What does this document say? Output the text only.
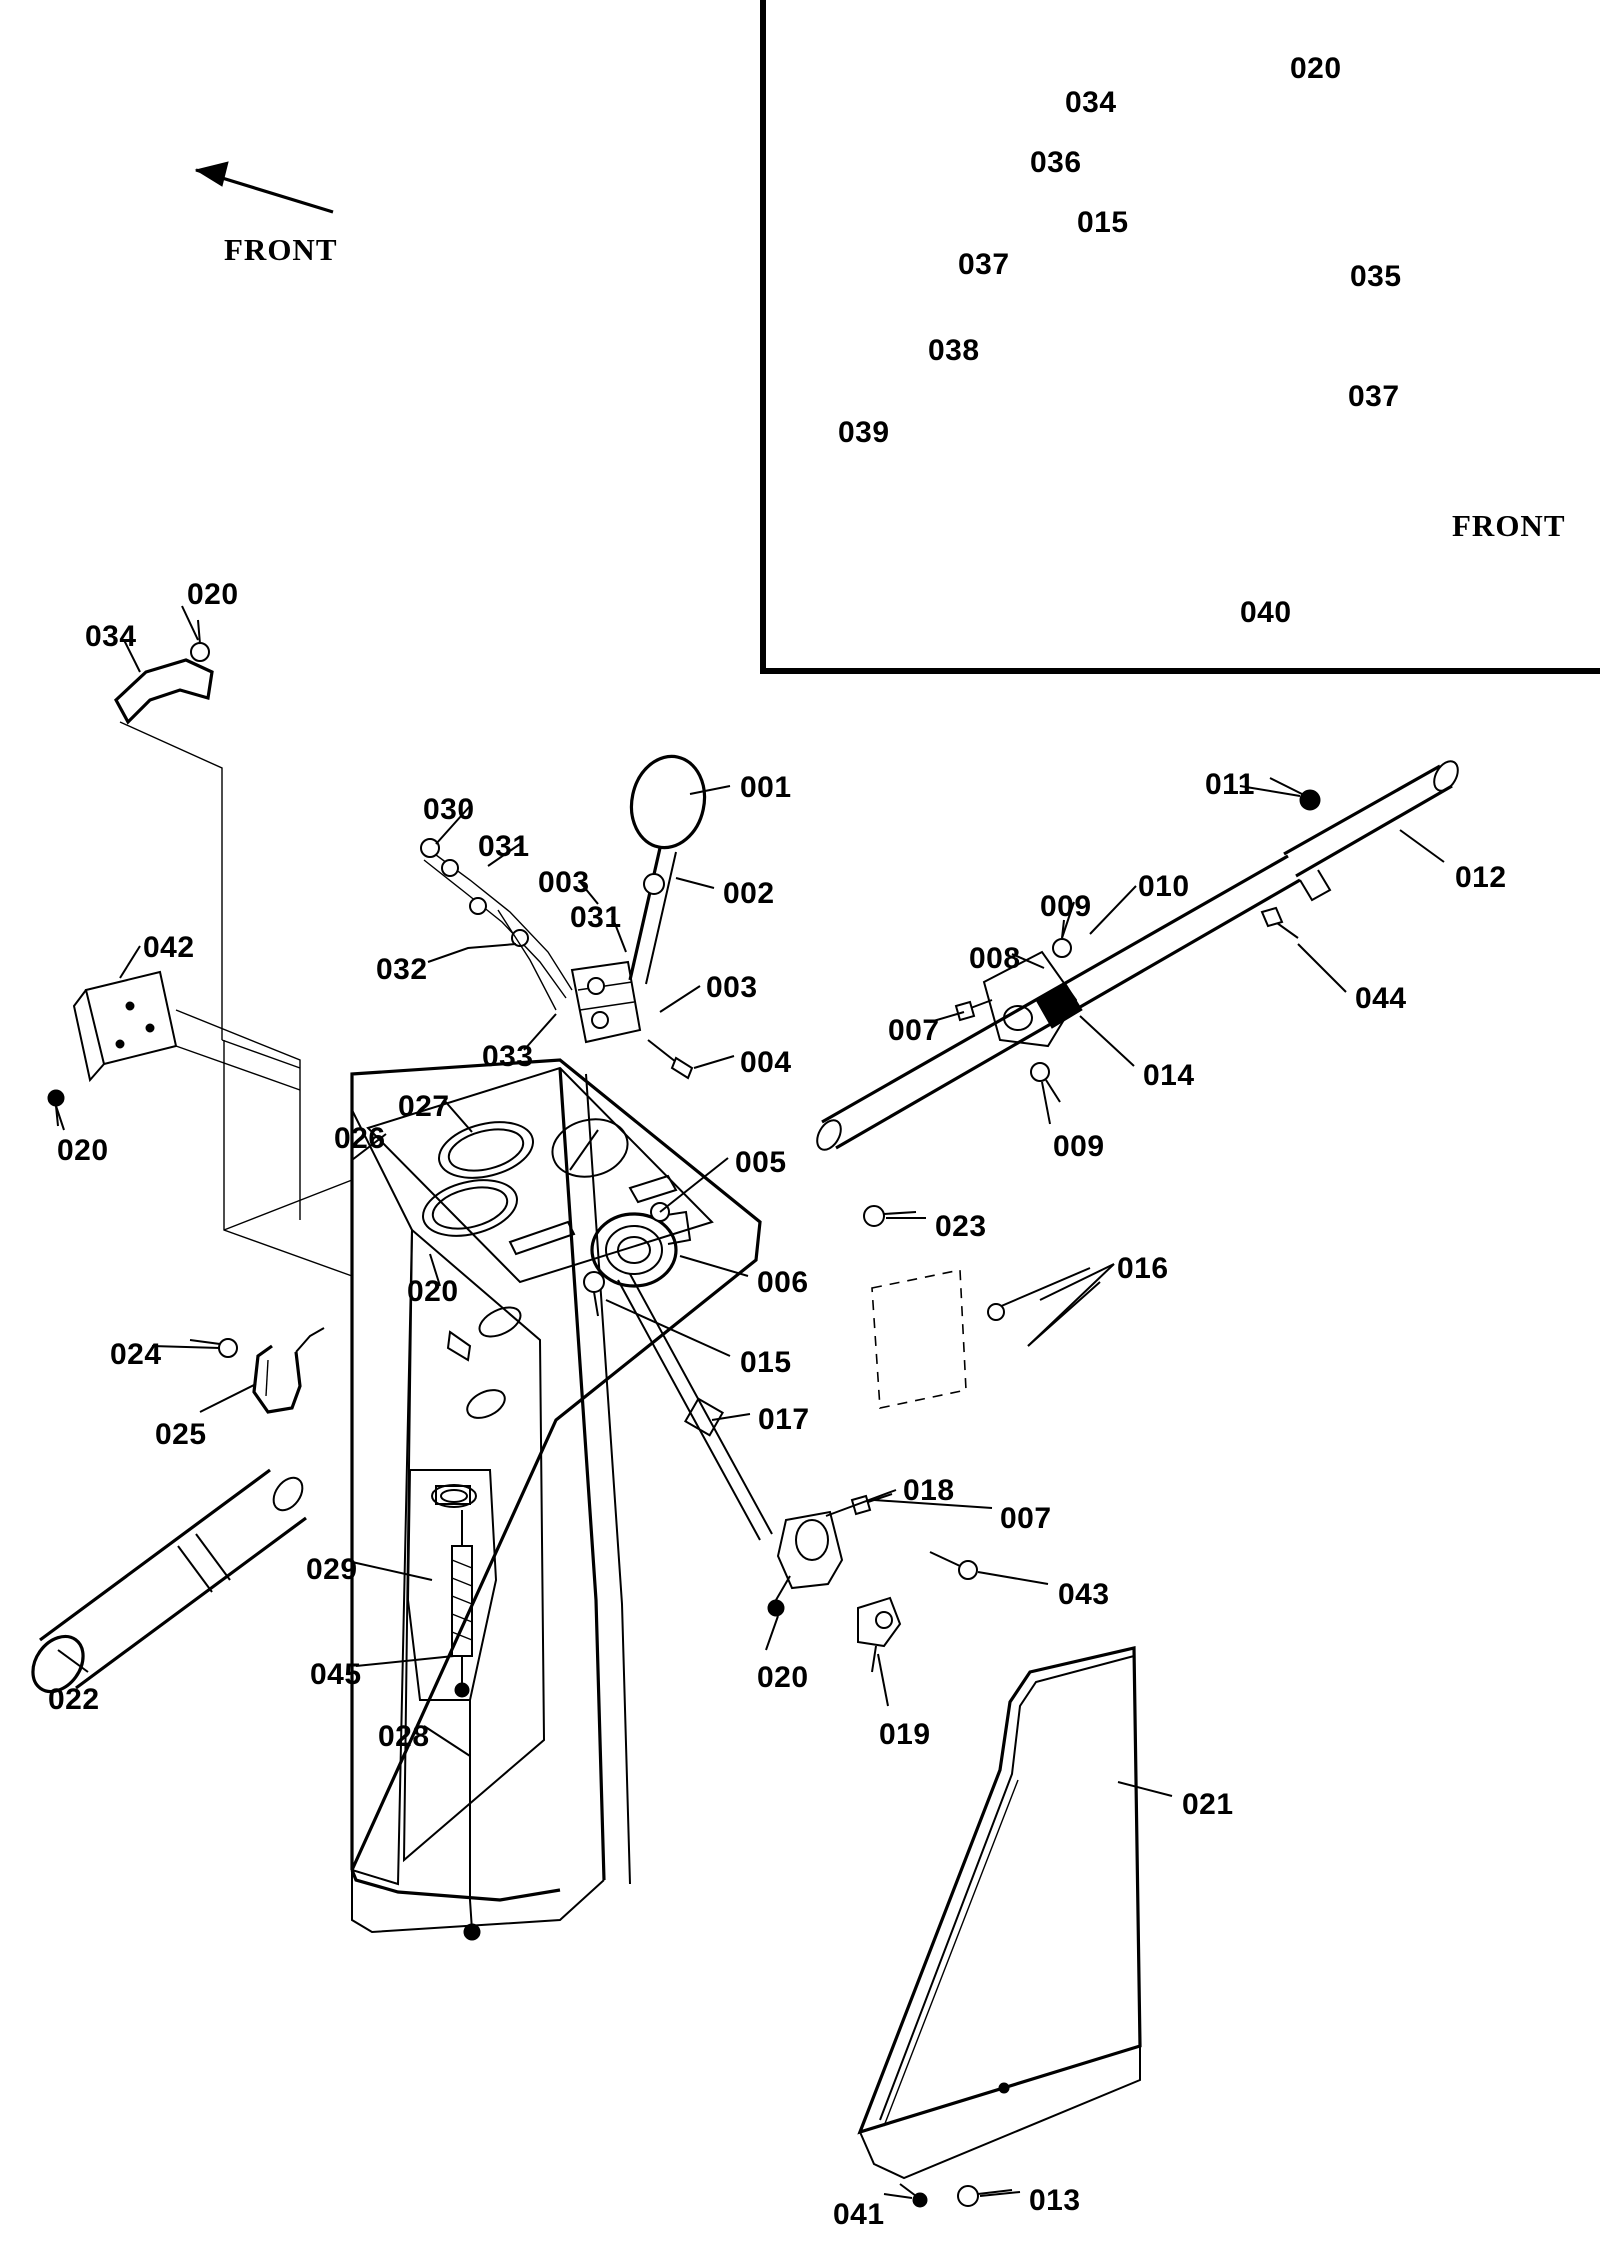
FRONT
FRONT
020
034
036
015
035
037
038
037
039
040
020
034
001	011
030
012
031
002
003	010
009
042
031
008
032
003	044
007
033	004	014
020
027
009
026
005
023
016
006
020
024	015
025	017
018
007
029
043
045	020
022
028	019
021
041	013
